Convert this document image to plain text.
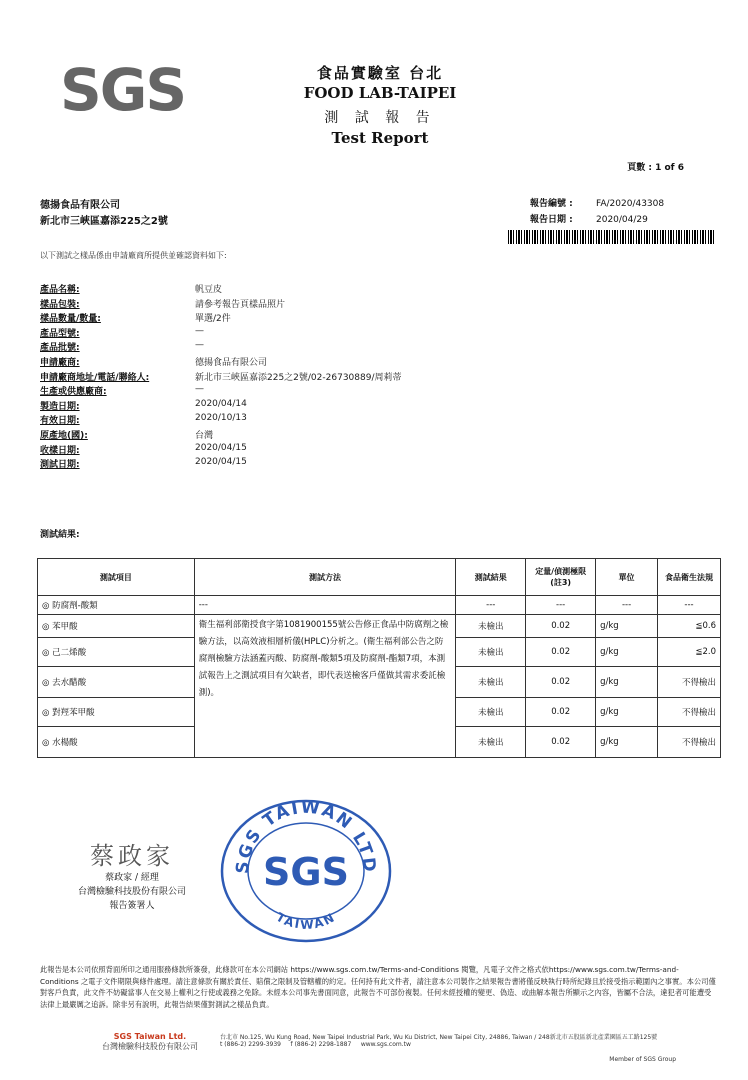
SGS	食品實驗室 台北
FOOD LAB-TAIPEI
測 試 報 告
Test Report
頁數 : 1 of 6
德揚食品有限公司
新北市三峽區嘉添225之2號
報告編號 :	FA/2020/43308
報告日期 :	2020/04/29
以下測試之樣品係由申請廠商所提供並確認資料如下:
產品名稱:	帆豆皮
樣品包裝:	請參考報告頁樣品照片
樣品數量/數量:	單選/2件
產品型號:	—
產品批號:	—
申請廠商:	德揚食品有限公司
申請廠商地址/電話/聯絡人:	新北市三峽區嘉添225之2號/02-26730889/周莉蒂
生產或供應廠商:	—
製造日期:	2020/04/14
有效日期:	2020/10/13
原產地(國):	台灣
收樣日期:	2020/04/15
測試日期:	2020/04/15
測試結果:
測試項目	測試方法	測試結果	定量/偵測極限(註3)	單位	食品衛生法規
◎ 防腐劑-酸類	---	---	---	---	---
◎ 苯甲酸	衛生福利部衛授食字第1081900155號公告修正食品中防腐劑之檢驗方法，以高效液相層析儀(HPLC)分析之。(衛生福利部公告之防腐劑檢驗方法涵蓋丙酸、防腐劑-酸類5項及防腐劑-酯類7項，本測試報告上之測試項目有欠缺者，即代表送檢客戶僅做其需求委託檢測)。	未檢出	0.02	g/kg	≦0.6
◎ 己二烯酸		未檢出	0.02	g/kg	≦2.0
◎ 去水醋酸		未檢出	0.02	g/kg	不得檢出
◎ 對羥苯甲酸		未檢出	0.02	g/kg	不得檢出
◎ 水楊酸		未檢出	0.02	g/kg	不得檢出
蔡政家
蔡政家 / 經理
台灣檢驗科技股份有限公司
報告簽署人
SGS TAIWAN LTD
SGS
TAIWAN
此報告是本公司依照背面所印之通用服務條款所簽發，此條款可在本公司網站 https://www.sgs.com.tw/Terms-and-Conditions 閱覽，凡電子文件之格式依https://www.sgs.com.tw/Terms-and-Conditions 之電子文件期限與條件處理。請注意條款有關於責任、賠償之限制及管轄權的約定。任何持有此文件者，請注意本公司製作之結果報告書將僅反映執行時所紀錄且於接受指示範圍內之事實。本公司僅對客戶負責，此文件不妨礙當事人在交易上權利之行使或義務之免除。未經本公司事先書面同意，此報告不可部份複製。任何未經授權的變更、偽造、或曲解本報告所顯示之內容，皆屬不合法，違犯者可能遭受法律上最嚴厲之追訴。除非另有說明，此報告結果僅對測試之樣品負責。
SGS Taiwan Ltd.
台灣檢驗科技股份有限公司
台北市 No.125, Wu Kung Road, New Taipei Industrial Park, Wu Ku District, New Taipei City, 24886, Taiwan / 248新北市五股區新北產業園區五工路125號
t (886-2) 2299-3939 f (886-2) 2298-1887 www.sgs.com.tw
Member of SGS Group
